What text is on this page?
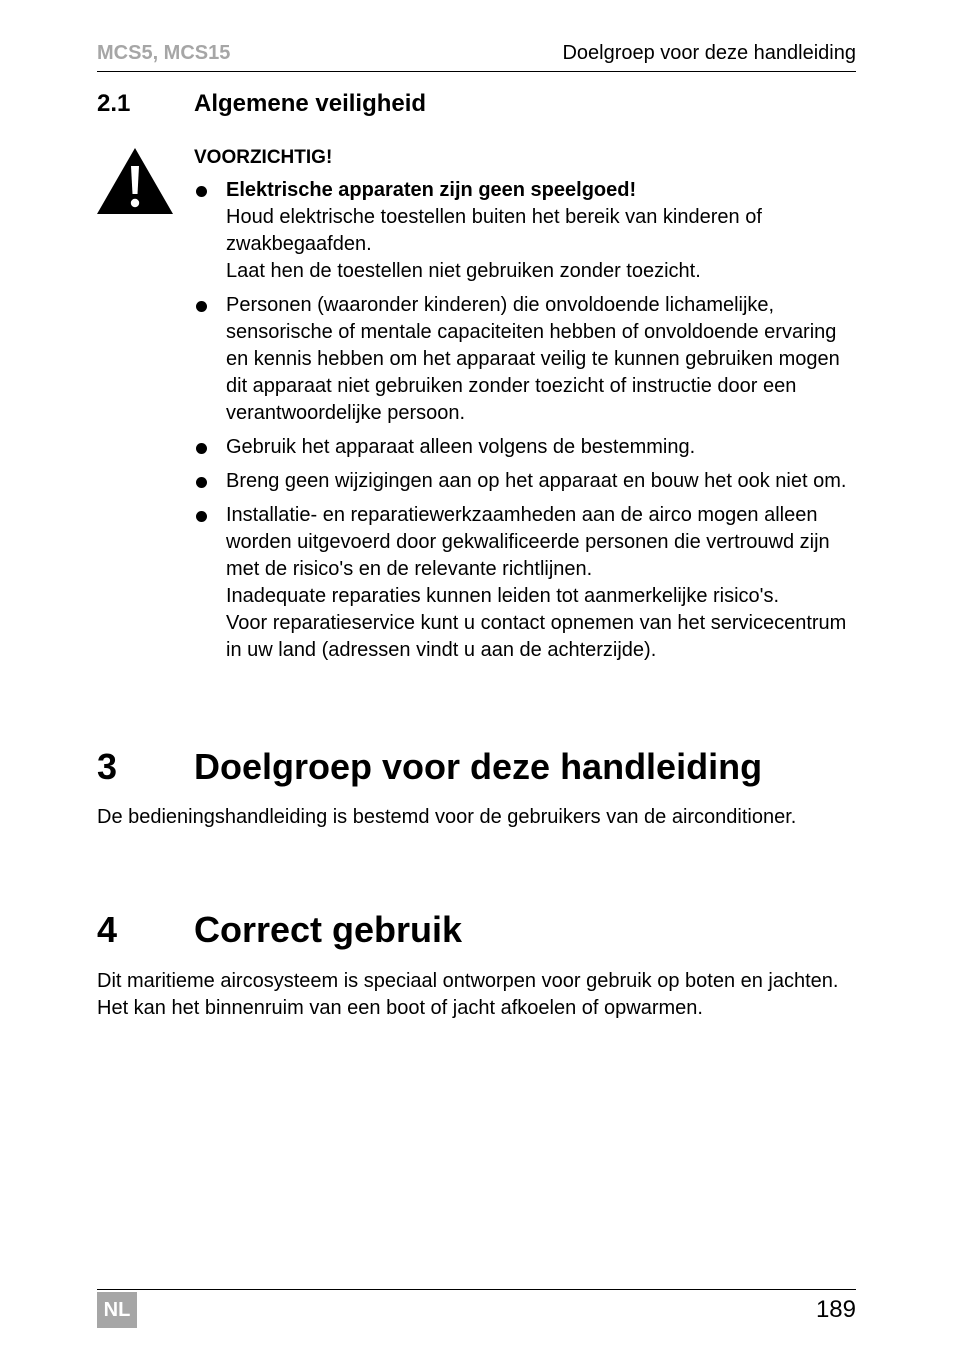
MCS5, MCS15	Doelgroep voor deze handleiding
2.1	Algemene veiligheid
VOORZICHTIG!
Elektrische apparaten zijn geen speelgoed!
Houd elektrische toestellen buiten het bereik van kinderen of zwakbegaafden.
Laat hen de toestellen niet gebruiken zonder toezicht.
Personen (waaronder kinderen) die onvoldoende lichamelijke, sensorische of mentale capaciteiten hebben of onvoldoende ervaring en kennis hebben om het apparaat veilig te kunnen gebruiken mogen dit apparaat niet gebruiken zonder toezicht of instructie door een verantwoordelijke persoon.
Gebruik het apparaat alleen volgens de bestemming.
Breng geen wijzigingen aan op het apparaat en bouw het ook niet om.
Installatie- en reparatiewerkzaamheden aan de airco mogen alleen worden uitgevoerd door gekwalificeerde personen die vertrouwd zijn met de risico's en de relevante richtlijnen.
Inadequate reparaties kunnen leiden tot aanmerkelijke risico's.
Voor reparatieservice kunt u contact opnemen van het servicecentrum in uw land (adressen vindt u aan de achterzijde).
3 Doelgroep voor deze handleiding
De bedieningshandleiding is bestemd voor de gebruikers van de airconditioner.
4 Correct gebruik
Dit maritieme aircosysteem is speciaal ontworpen voor gebruik op boten en jachten. Het kan het binnenruim van een boot of jacht afkoelen of opwarmen.
NL	189
